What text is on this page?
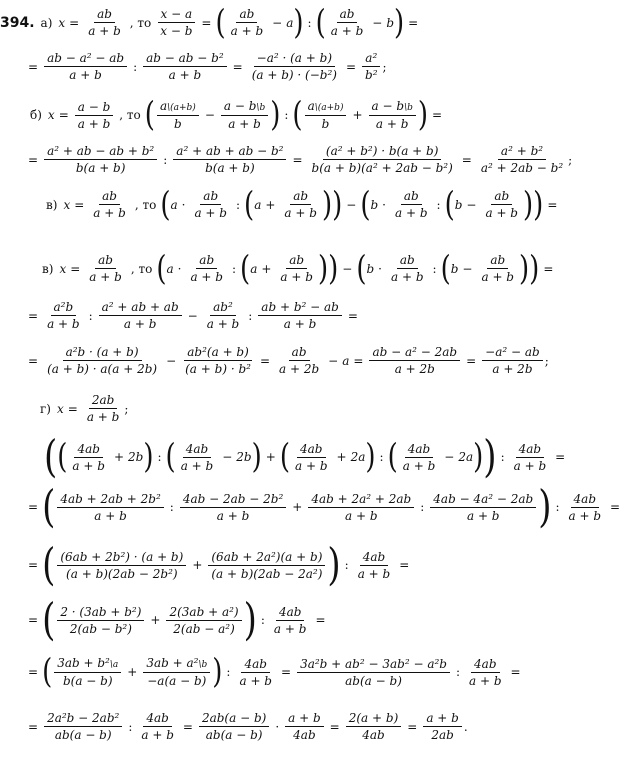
394. а) $x = \frac{ab}{a + b}$ , то $\frac{x - a}{x - b}$ = ( $\frac{ab}{a + b} - a$ ) : ( $\frac{ab}{a + b} - b$ ) =
= $\frac{\text{ab − a² − ab}}{a + b}$ : $\frac{\text{ab − ab − b²}}{a + b} = \frac{\text{−a² · (a + b)}}{\text{(a + b) · (−b²)}} = \frac{\text{a²}}{\text{b²}}$ ;
б) $x = \frac{a - b}{a + b}$ , то ( $\frac{a\backslash(a+b)}{b} - \frac{a - b\backslash b}{a + b}$ ) : ( $\frac{a\backslash(a+b)}{b} + \frac{a - b\backslash b}{a + b}$ ) =
= $\frac{\text{a² + ab − ab + b²}}{b(a + b)}$ : $\frac{\text{a² + ab + ab − b²}}{b(a + b)} = \frac{\text{(a² + b²) · b(a + b)}}{\text{b(a + b)(a² + 2ab − b²)}} = \frac{\text{a² + b²}}{\text{a² + 2ab − b²}}$ ;
в) $x = \frac{ab}{a + b}$ , то ( $a \cdot \frac{ab}{a + b}$ : ( $a + \frac{ab}{a + b}$ ) ) − ( $b \cdot \frac{ab}{a + b}$ : ( $b - \frac{ab}{a + b}$ ) ) =
в) $x = \frac{ab}{a + b}$ , то ( $a \cdot \frac{ab}{a + b}$ : ( $a + \frac{ab}{a + b}$ ) ) − ( $b \cdot \frac{ab}{a + b}$ : ( $b - \frac{ab}{a + b}$ ) ) =
= $\frac{\text{a²b}}{a + b}$ : $\frac{\text{a² + ab + ab}}{a + b} - \frac{\text{ab²}}{a + b}$ : $\frac{\text{ab + b² − ab}}{a + b}$ =
= $\frac{\text{a²b · (a + b)}}{(a + b) \cdot a(a + 2b)} - \frac{\text{ab²(a + b)}}{\text{(a + b) · b²}} = \frac{ab}{a + 2b} - a = \frac{\text{ab − a² − 2ab}}{a + 2b} = \frac{\text{−a² − ab}}{a + 2b}$ ;
г) $x = \frac{2ab}{a + b}$ ;
( ( $\frac{4ab}{a + b} + 2b$ ) : ( $\frac{4ab}{a + b} - 2b$ ) + ( $\frac{4ab}{a + b} + 2a$ ) : ( $\frac{4ab}{a + b} - 2a$ ) ) : $\frac{4ab}{a + b}$ =
= ( $\frac{\text{4ab + 2ab + 2b²}}{a + b}$ : $\frac{\text{4ab − 2ab − 2b²}}{a + b} + \frac{\text{4ab + 2a² + 2ab}}{a + b}$ : $\frac{\text{4ab − 4a² − 2ab}}{a + b}$ ) : $\frac{4ab}{a + b}$ =
= ( $\frac{\text{(6ab + 2b²) · (a + b)}}{\text{(a + b)(2ab − 2b²)}} + \frac{\text{(6ab + 2a²)(a + b)}}{\text{(a + b)(2ab − 2a²)}}$ ) : $\frac{4ab}{a + b}$ =
= ( $\frac{\text{2 · (3ab + b²)}}{\text{2(ab − b²)}} + \frac{\text{2(3ab + a²)}}{\text{2(ab − a²)}}$ ) : $\frac{4ab}{a + b}$ =
= ( $\frac{\text{3ab + b²\textbackslash{}a}}{b(a - b)} + \frac{\text{3ab + a²\textbackslash{}b}}{-a(a - b)}$ ) : $\frac{4ab}{a + b} = \frac{\text{3a²b + ab² − 3ab² − a²b}}{ab(a - b)}$ : $\frac{4ab}{a + b}$ =
= $\frac{\text{2a²b − 2ab²}}{ab(a - b)}$ : $\frac{4ab}{a + b} = \frac{2ab(a - b)}{ab(a - b)} \cdot \frac{a + b}{4ab} = \frac{2(a + b)}{4ab} = \frac{a + b}{2ab}$ .
